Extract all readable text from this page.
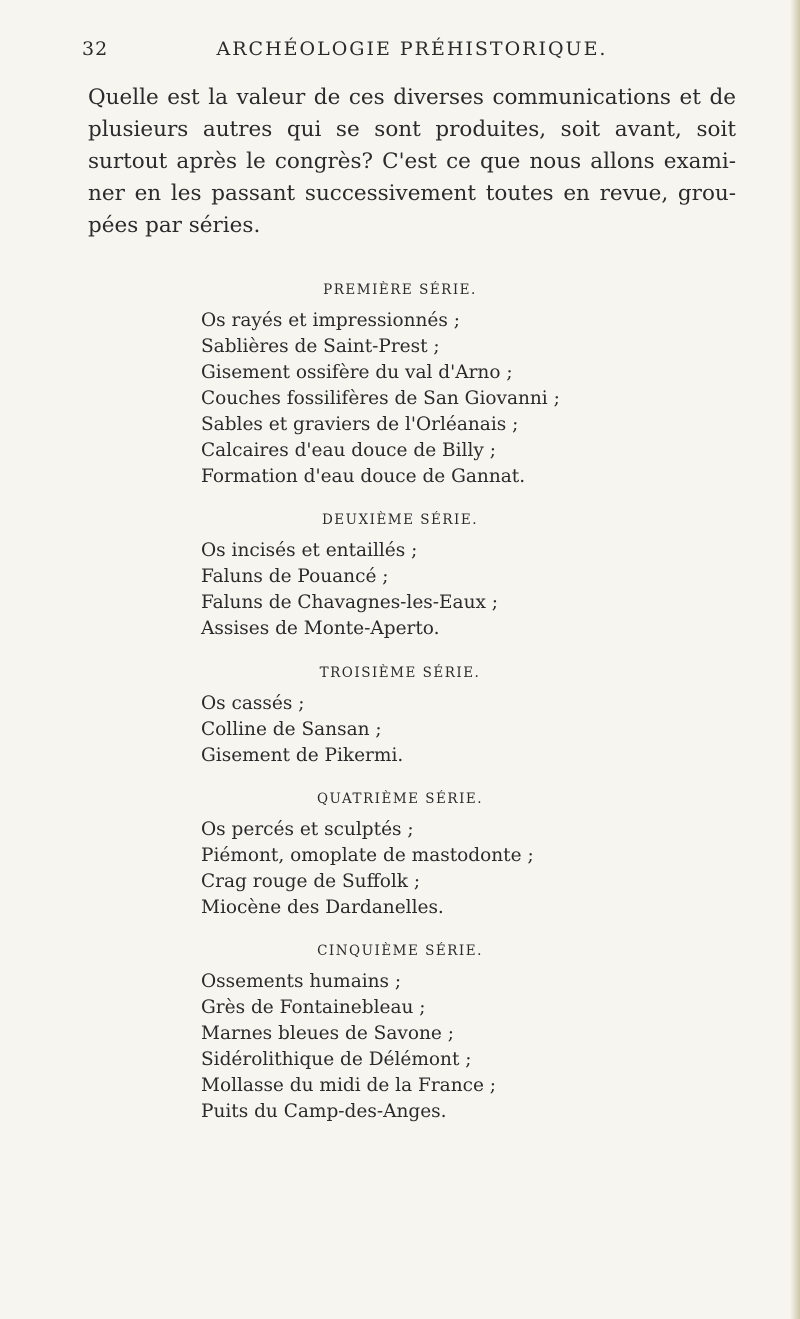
32	ARCHÉOLOGIE PRÉHISTORIQUE.

Quelle est la valeur de ces diverses communications et de plusieurs autres qui se sont produites, soit avant, soit surtout après le congrès? C'est ce que nous allons exami-ner en les passant successivement toutes en revue, grou-pées par séries.

PREMIÈRE SÉRIE.
Os rayés et impressionnés ;
Sablières de Saint-Prest ;
Gisement ossifère du val d'Arno ;
Couches fossilifères de San Giovanni ;
Sables et graviers de l'Orléanais ;
Calcaires d'eau douce de Billy ;
Formation d'eau douce de Gannat.
DEUXIÈME SÉRIE.
Os incisés et entaillés ;
Faluns de Pouancé ;
Faluns de Chavagnes-les-Eaux ;
Assises de Monte-Aperto.
TROISIÈME SÉRIE.
Os cassés ;
Colline de Sansan ;
Gisement de Pikermi.
QUATRIÈME SÉRIE.
Os percés et sculptés ;
Piémont, omoplate de mastodonte ;
Crag rouge de Suffolk ;
Miocène des Dardanelles.
CINQUIÈME SÉRIE.
Ossements humains ;
Grès de Fontainebleau ;
Marnes bleues de Savone ;
Sidérolithique de Délémont ;
Mollasse du midi de la France ;
Puits du Camp-des-Anges.
